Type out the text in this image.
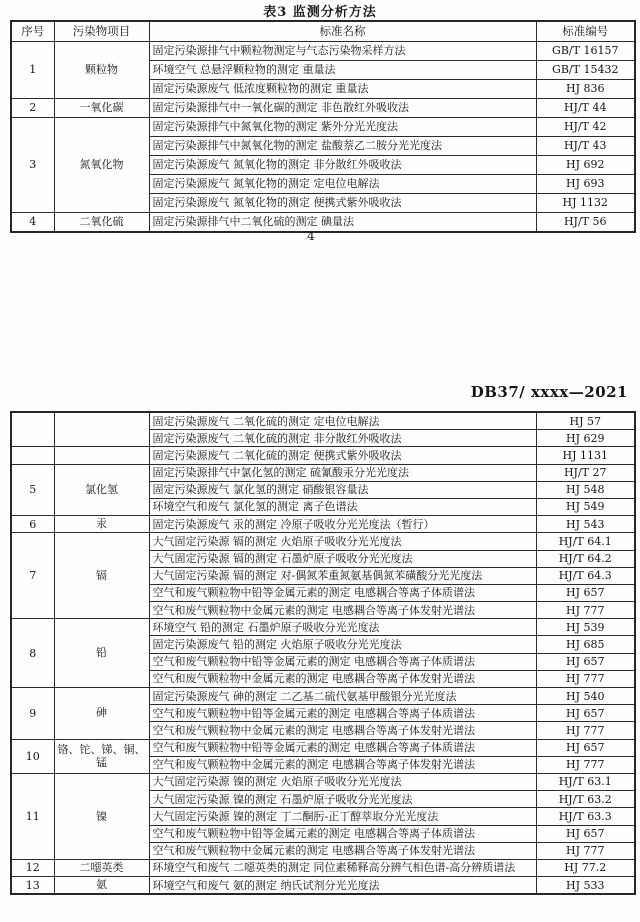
表3 监测分析方法
序号	污染物项目	标准名称	标准编号
1	颗粒物	固定污染源排气中颗粒物测定与气态污染物采样方法	GB/T 16157
		环境空气 总悬浮颗粒物的测定 重量法	GB/T 15432
		固定污染源废气 低浓度颗粒物的测定 重量法	HJ 836
2	一氧化碳	固定污染源排气中一氧化碳的测定 非色散红外吸收法	HJ/T 44
3	氮氧化物	固定污染源排气中氮氧化物的测定 紫外分光光度法	HJ/T 42
		固定污染源排气中氮氧化物的测定 盐酸萘乙二胺分光光度法	HJ/T 43
		固定污染源废气 氮氧化物的测定 非分散红外吸收法	HJ 692
		固定污染源废气 氮氧化物的测定 定电位电解法	HJ 693
		固定污染源废气 氮氧化物的测定 便携式紫外吸收法	HJ 1132
4	二氧化硫	固定污染源排气中二氧化硫的测定 碘量法	HJ/T 56
4
DB37/ xxxx—2021
		固定污染源废气 二氧化硫的测定 定电位电解法	HJ 57
		固定污染源废气 二氧化硫的测定 非分散红外吸收法	HJ 629
		固定污染源废气 二氧化硫的测定 便携式紫外吸收法	HJ 1131
5	氯化氢	固定污染源排气中氯化氢的测定 硫氰酸汞分光光度法	HJ/T 27
		固定污染源废气 氯化氢的测定 硝酸银容量法	HJ 548
		环境空气和废气 氯化氢的测定 离子色谱法	HJ 549
6	汞	固定污染源废气 汞的测定 冷原子吸收分光光度法（暂行）	HJ 543
7	镉	大气固定污染源 镉的测定 火焰原子吸收分光光度法	HJ/T 64.1
		大气固定污染源 镉的测定 石墨炉原子吸收分光光度法	HJ/T 64.2
		大气固定污染源 镉的测定 对-偶氮苯重氮氨基偶氮苯磺酸分光光度法	HJ/T 64.3
		空气和废气颗粒物中铅等金属元素的测定 电感耦合等离子体质谱法	HJ 657
		空气和废气颗粒物中金属元素的测定 电感耦合等离子体发射光谱法	HJ 777
8	铅	环境空气 铅的测定 石墨炉原子吸收分光光度法	HJ 539
		固定污染源废气 铅的测定 火焰原子吸收分光光度法	HJ 685
		空气和废气颗粒物中铅等金属元素的测定 电感耦合等离子体质谱法	HJ 657
		空气和废气颗粒物中金属元素的测定 电感耦合等离子体发射光谱法	HJ 777
9	砷	固定污染源废气 砷的测定 二乙基二硫代氨基甲酸银分光光度法	HJ 540
		空气和废气颗粒物中铅等金属元素的测定 电感耦合等离子体质谱法	HJ 657
		空气和废气颗粒物中金属元素的测定 电感耦合等离子体发射光谱法	HJ 777
10	铬、铊、锑、铜、锰	空气和废气颗粒物中铅等金属元素的测定 电感耦合等离子体质谱法	HJ 657
		空气和废气颗粒物中金属元素的测定 电感耦合等离子体发射光谱法	HJ 777
11	镍	大气固定污染源 镍的测定 火焰原子吸收分光光度法	HJ/T 63.1
		大气固定污染源 镍的测定 石墨炉原子吸收分光光度法	HJ/T 63.2
		大气固定污染源 镍的测定 丁二酮肟-正丁醇萃取分光光度法	HJ/T 63.3
		空气和废气颗粒物中铅等金属元素的测定 电感耦合等离子体质谱法	HJ 657
		空气和废气颗粒物中金属元素的测定 电感耦合等离子体发射光谱法	HJ 777
12	二噁英类	环境空气和废气 二噁英类的测定 同位素稀释高分辨气相色谱-高分辨质谱法	HJ 77.2
13	氨	环境空气和废气 氨的测定 纳氏试剂分光光度法	HJ 533
